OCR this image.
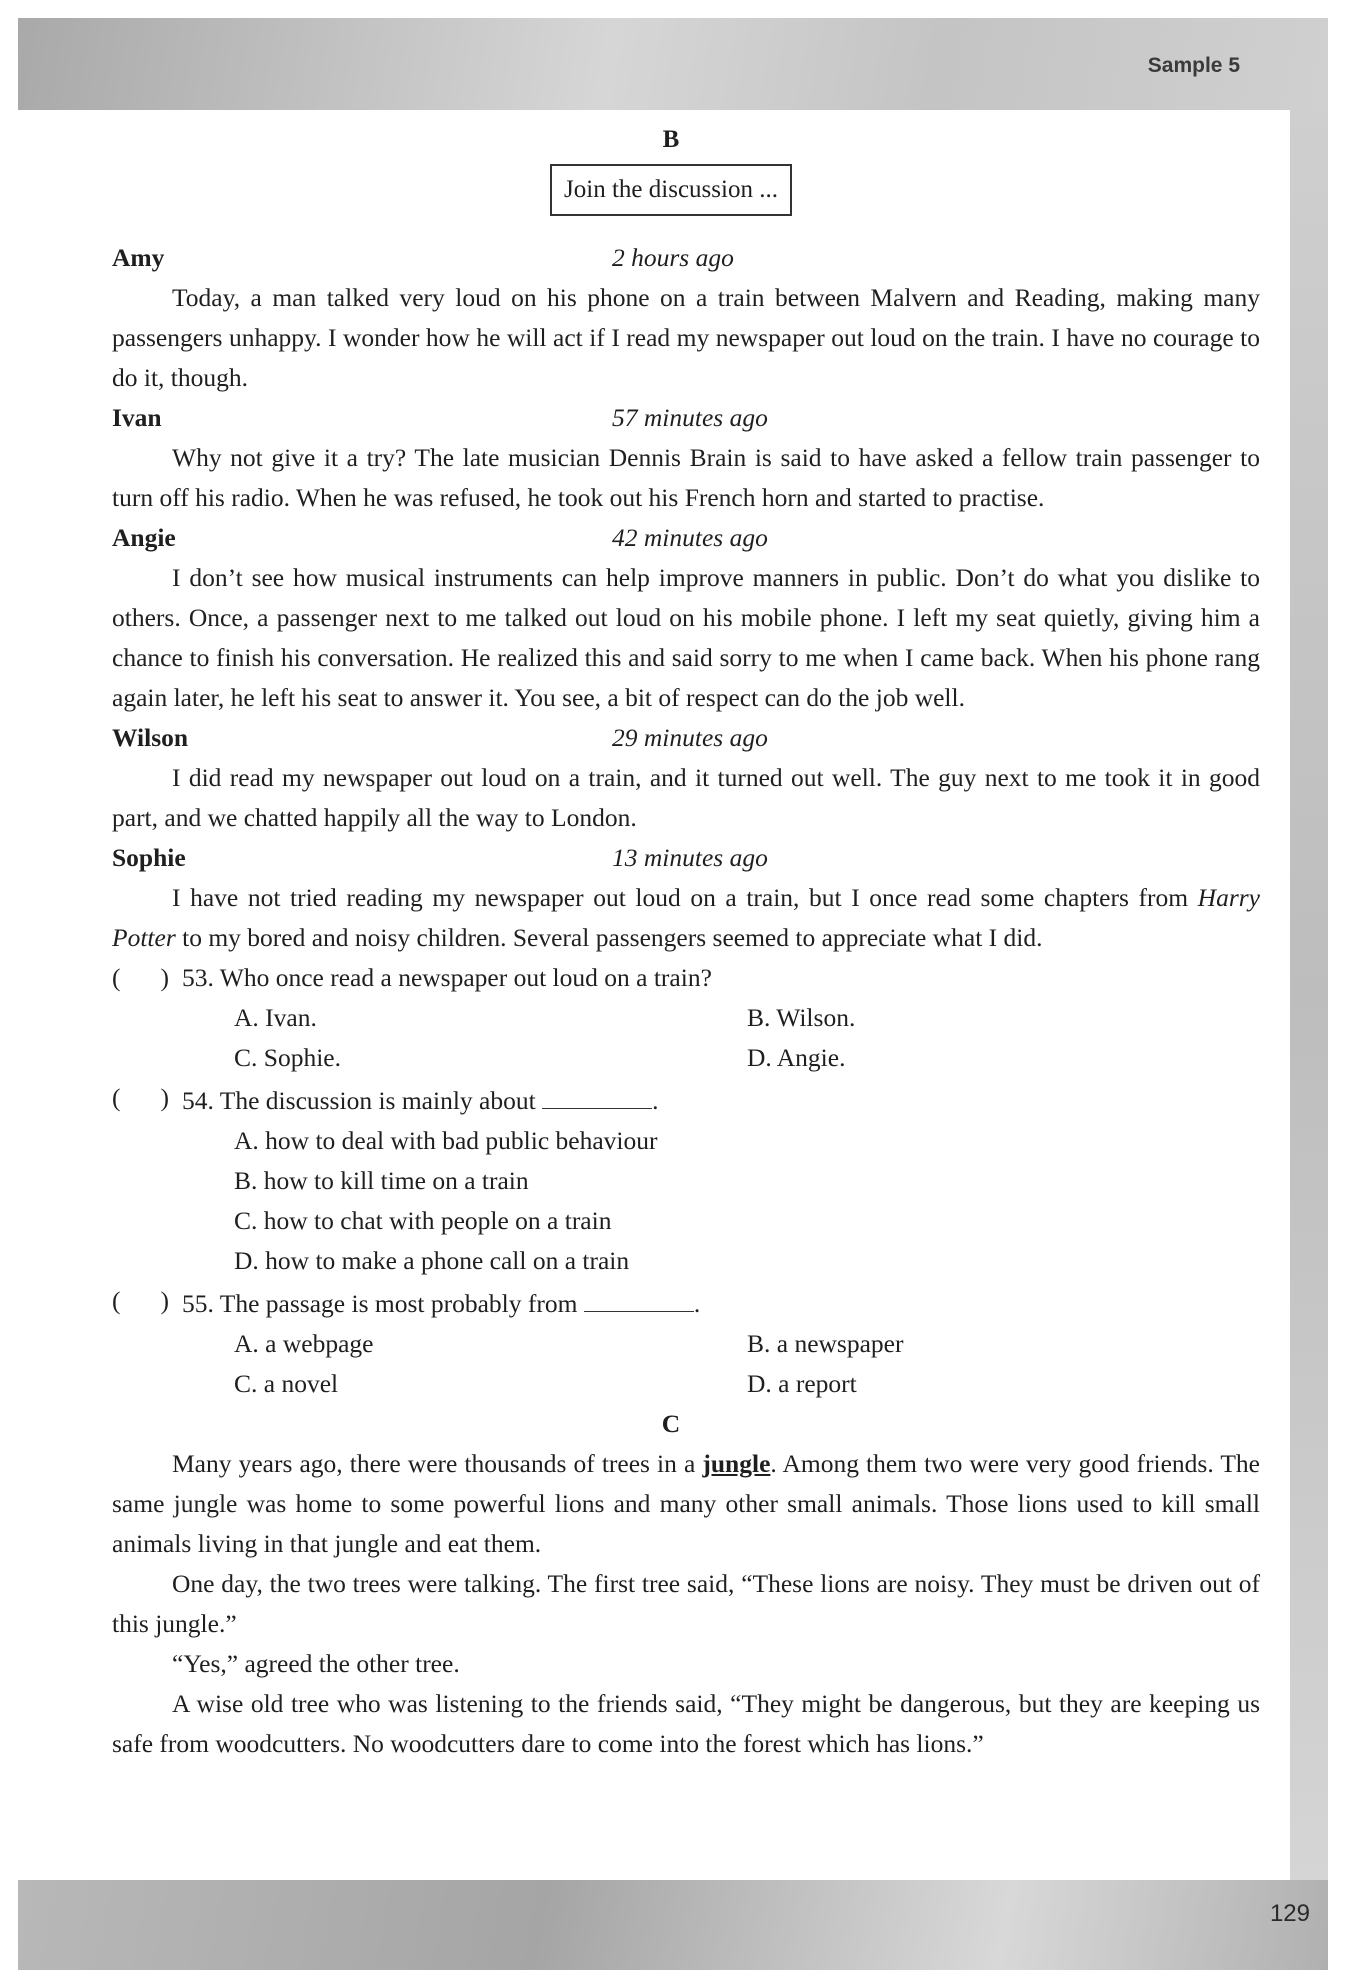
Sample 5
129
B
Join the discussion ...
Amy	2 hours ago

Today, a man talked very loud on his phone on a train between Malvern and Reading, making many passengers unhappy. I wonder how he will act if I read my newspaper out loud on the train. I have no courage to do it, though.

Ivan	57 minutes ago

Why not give it a try? The late musician Dennis Brain is said to have asked a fellow train passenger to turn off his radio. When he was refused, he took out his French horn and started to practise.

Angie	42 minutes ago

I don’t see how musical instruments can help improve manners in public. Don’t do what you dislike to others. Once, a passenger next to me talked out loud on his mobile phone. I left my seat quietly, giving him a chance to finish his conversation. He realized this and said sorry to me when I came back. When his phone rang again later, he left his seat to answer it. You see, a bit of respect can do the job well.

Wilson	29 minutes ago

I did read my newspaper out loud on a train, and it turned out well. The guy next to me took it in good part, and we chatted happily all the way to London.

Sophie	13 minutes ago

I have not tried reading my newspaper out loud on a train, but I once read some chapters from Harry Potter to my bored and noisy children. Several passengers seemed to appreciate what I did.

( ) 53. Who once read a newspaper out loud on a train?
A. Ivan.	B. Wilson.
C. Sophie.	D. Angie.
( ) 54. The discussion is mainly about	.
A. how to deal with bad public behaviour
B. how to kill time on a train
C. how to chat with people on a train
D. how to make a phone call on a train
( ) 55. The passage is most probably from	.
A. a webpage	B. a newspaper
C. a novel	D. a report
C

Many years ago, there were thousands of trees in a jungle. Among them two were very good friends. The same jungle was home to some powerful lions and many other small animals. Those lions used to kill small animals living in that jungle and eat them.

One day, the two trees were talking. The first tree said, “These lions are noisy. They must be driven out of this jungle.”

“Yes,” agreed the other tree.

A wise old tree who was listening to the friends said, “They might be dangerous, but they are keeping us safe from woodcutters. No woodcutters dare to come into the forest which has lions.”
